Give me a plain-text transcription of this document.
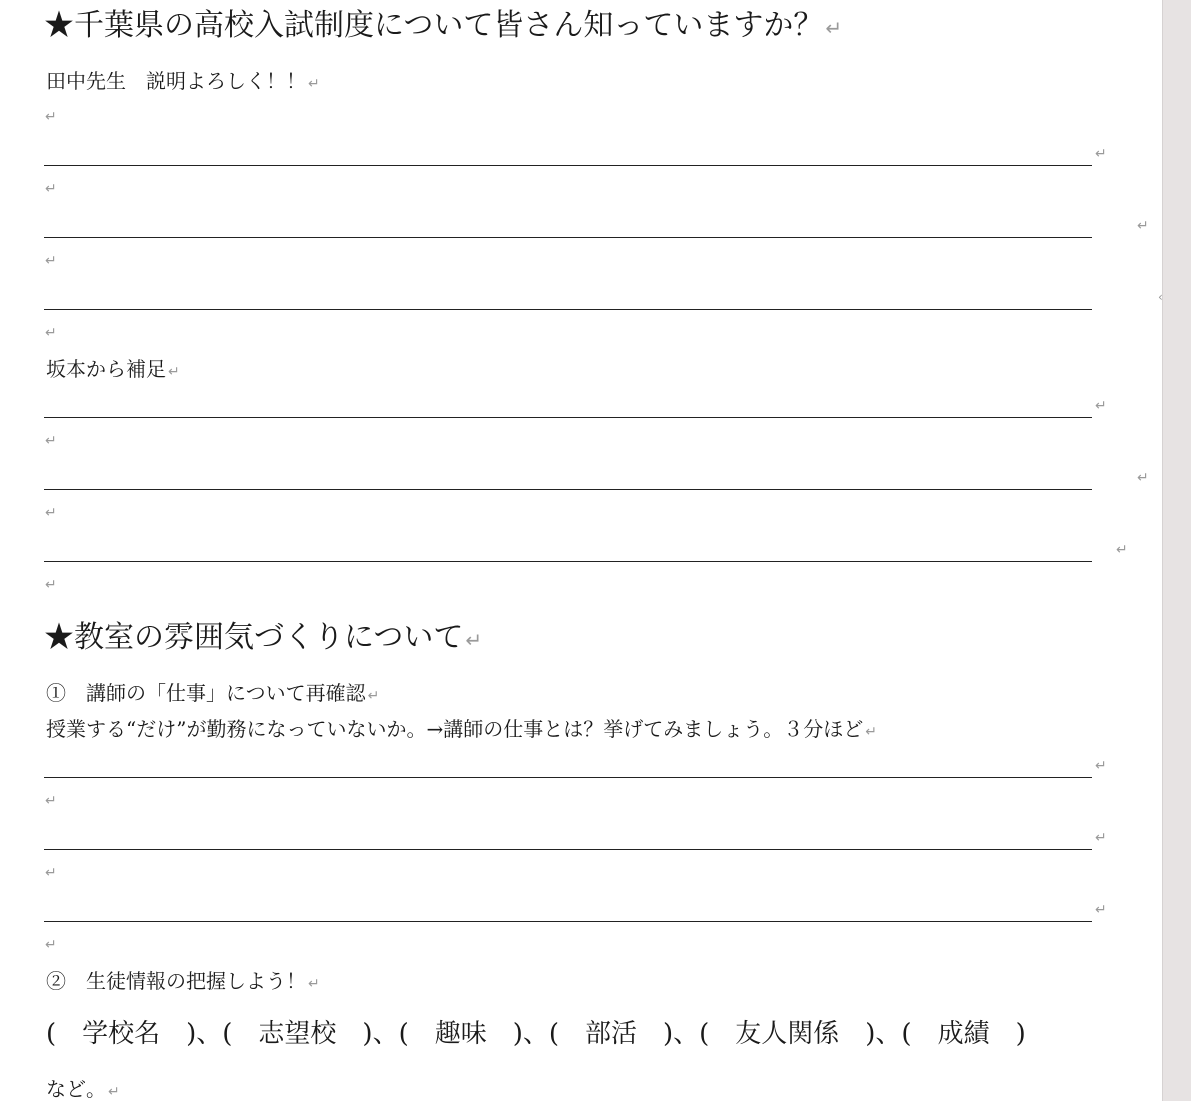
★千葉県の高校入試制度について皆さん知っていますか？ ↵
田中先生　説明よろしく！！ ↵
↵
↵
↵
↵
↵
↵
坂本から補足 ↵
↵
↵
↵
↵
↵
↵
★教室の雰囲気づくりについて ↵
①　講師の「仕事」について再確認 ↵
授業する“だけ”が勤務になっていないか。→講師の仕事とは？挙げてみましょう。３分ほど ↵
↵
↵
↵
↵
↵
↵
②　生徒情報の把握しよう！ ↵
(　学校名　)、(　志望校　)、(　趣味　)、(　部活　)、(　友人関係　)、(　成績　)
など。 ↵
‹
